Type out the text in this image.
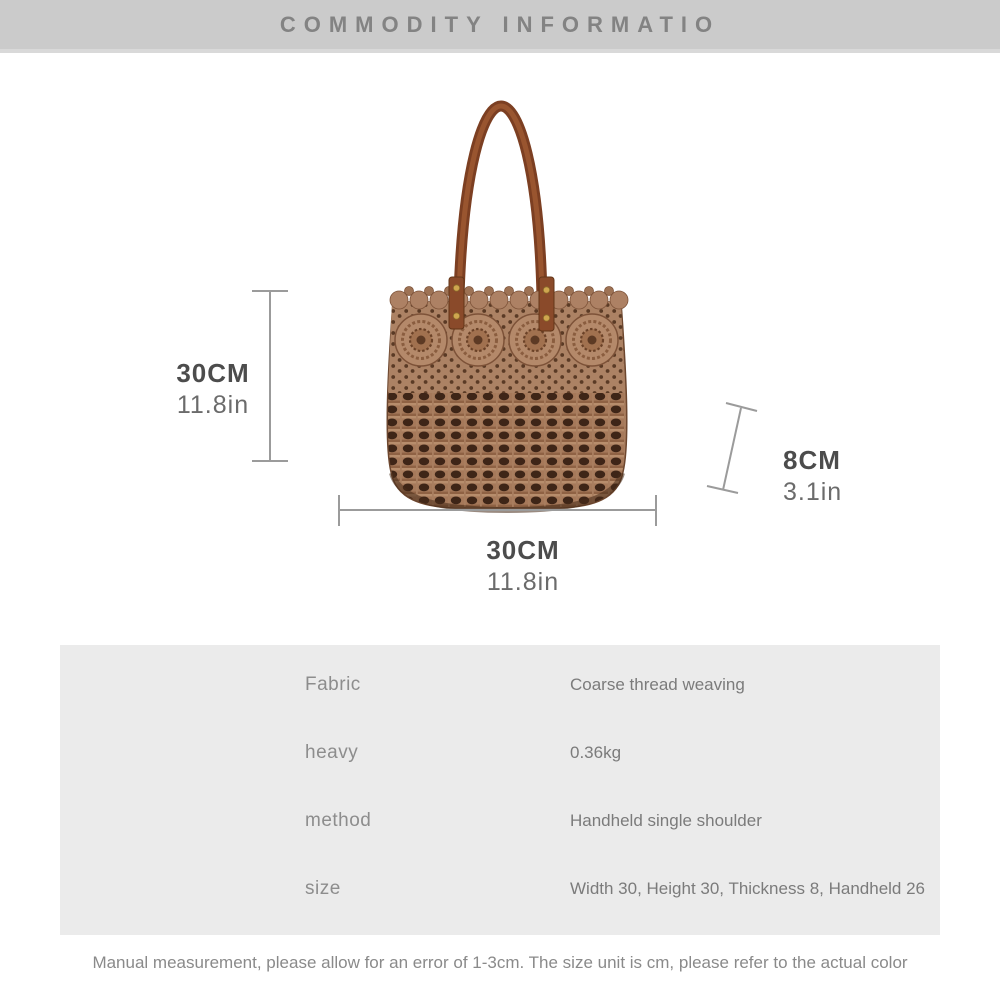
COMMODITY INFORMATIO
30CM
11.8in
8CM
3.1in
30CM
11.8in
Fabric	Coarse thread weaving
heavy	0.36kg
method	Handheld single shoulder
size	Width 30, Height 30, Thickness 8, Handheld 26
Manual measurement, please allow for an error of 1-3cm. The size unit is cm, please refer to the actual color
